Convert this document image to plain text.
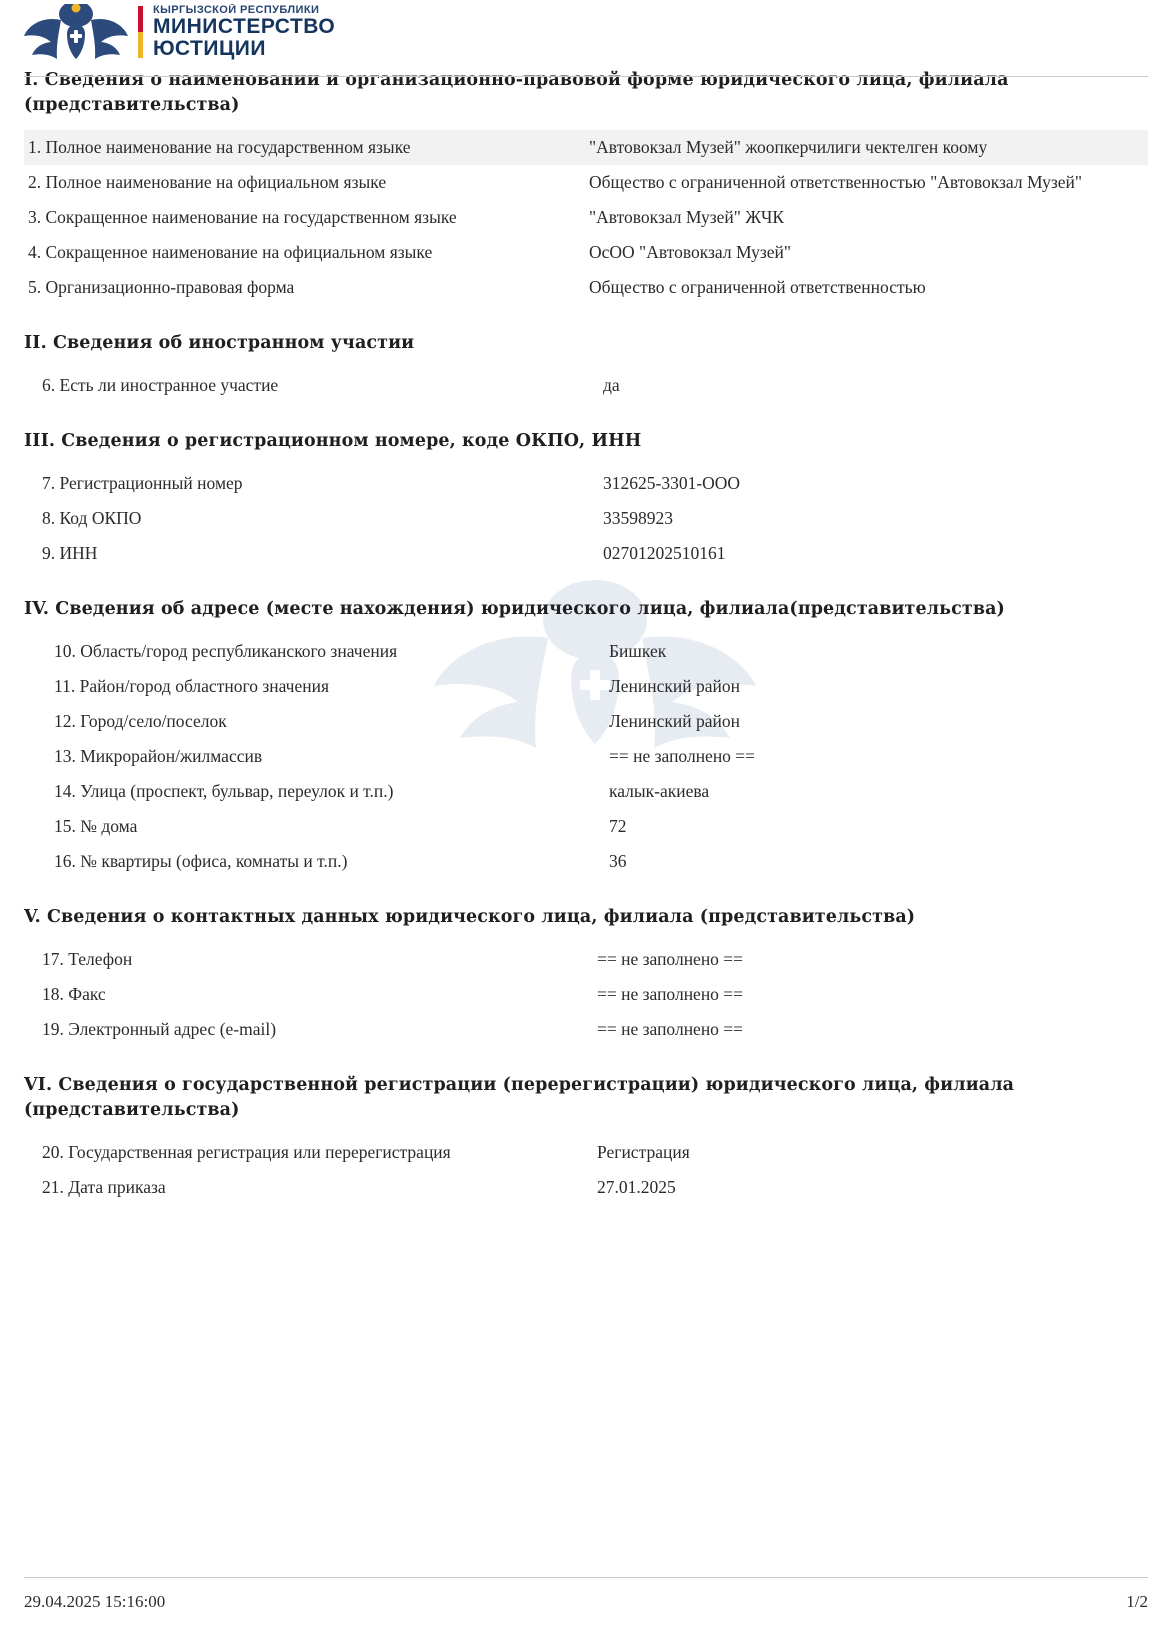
КЫРГЫЗСКОЙ РЕСПУБЛИКИ
МИНИСТЕРСТВО
ЮСТИЦИИ
I. Сведения о наименовании и организационно-правовой форме юридического лица, филиала (представительства)
1. Полное наименование на государственном языке	"Автовокзал Музей" жоопкерчилиги чектелген коому
2. Полное наименование на официальном языке	Общество с ограниченной ответственностью "Автовокзал Музей"
3. Сокращенное наименование на государственном языке	"Автовокзал Музей" ЖЧК
4. Сокращенное наименование на официальном языке	ОсОО "Автовокзал Музей"
5. Организационно-правовая форма	Общество с ограниченной ответственностью
II. Сведения об иностранном участии
6. Есть ли иностранное участие	да
III. Сведения о регистрационном номере, коде ОКПО, ИНН
7. Регистрационный номер	312625-3301-ООО
8. Код ОКПО	33598923
9. ИНН	02701202510161
IV. Сведения об адресе (месте нахождения) юридического лица, филиала(представительства)
10. Область/город республиканского значения	Бишкек
11. Район/город областного значения	Ленинский район
12. Город/село/поселок	Ленинский район
13. Микрорайон/жилмассив	== не заполнено ==
14. Улица (проспект, бульвар, переулок и т.п.)	калык-акиева
15. № дома	72
16. № квартиры (офиса, комнаты и т.п.)	36
V. Сведения о контактных данных юридического лица, филиала (представительства)
17. Телефон	== не заполнено ==
18. Факс	== не заполнено ==
19. Электронный адрес (e-mail)	== не заполнено ==
VI. Сведения о государственной регистрации (перерегистрации) юридического лица, филиала (представительства)
20. Государственная регистрация или перерегистрация	Регистрация
21. Дата приказа	27.01.2025
29.04.2025 15:16:00	1/2
